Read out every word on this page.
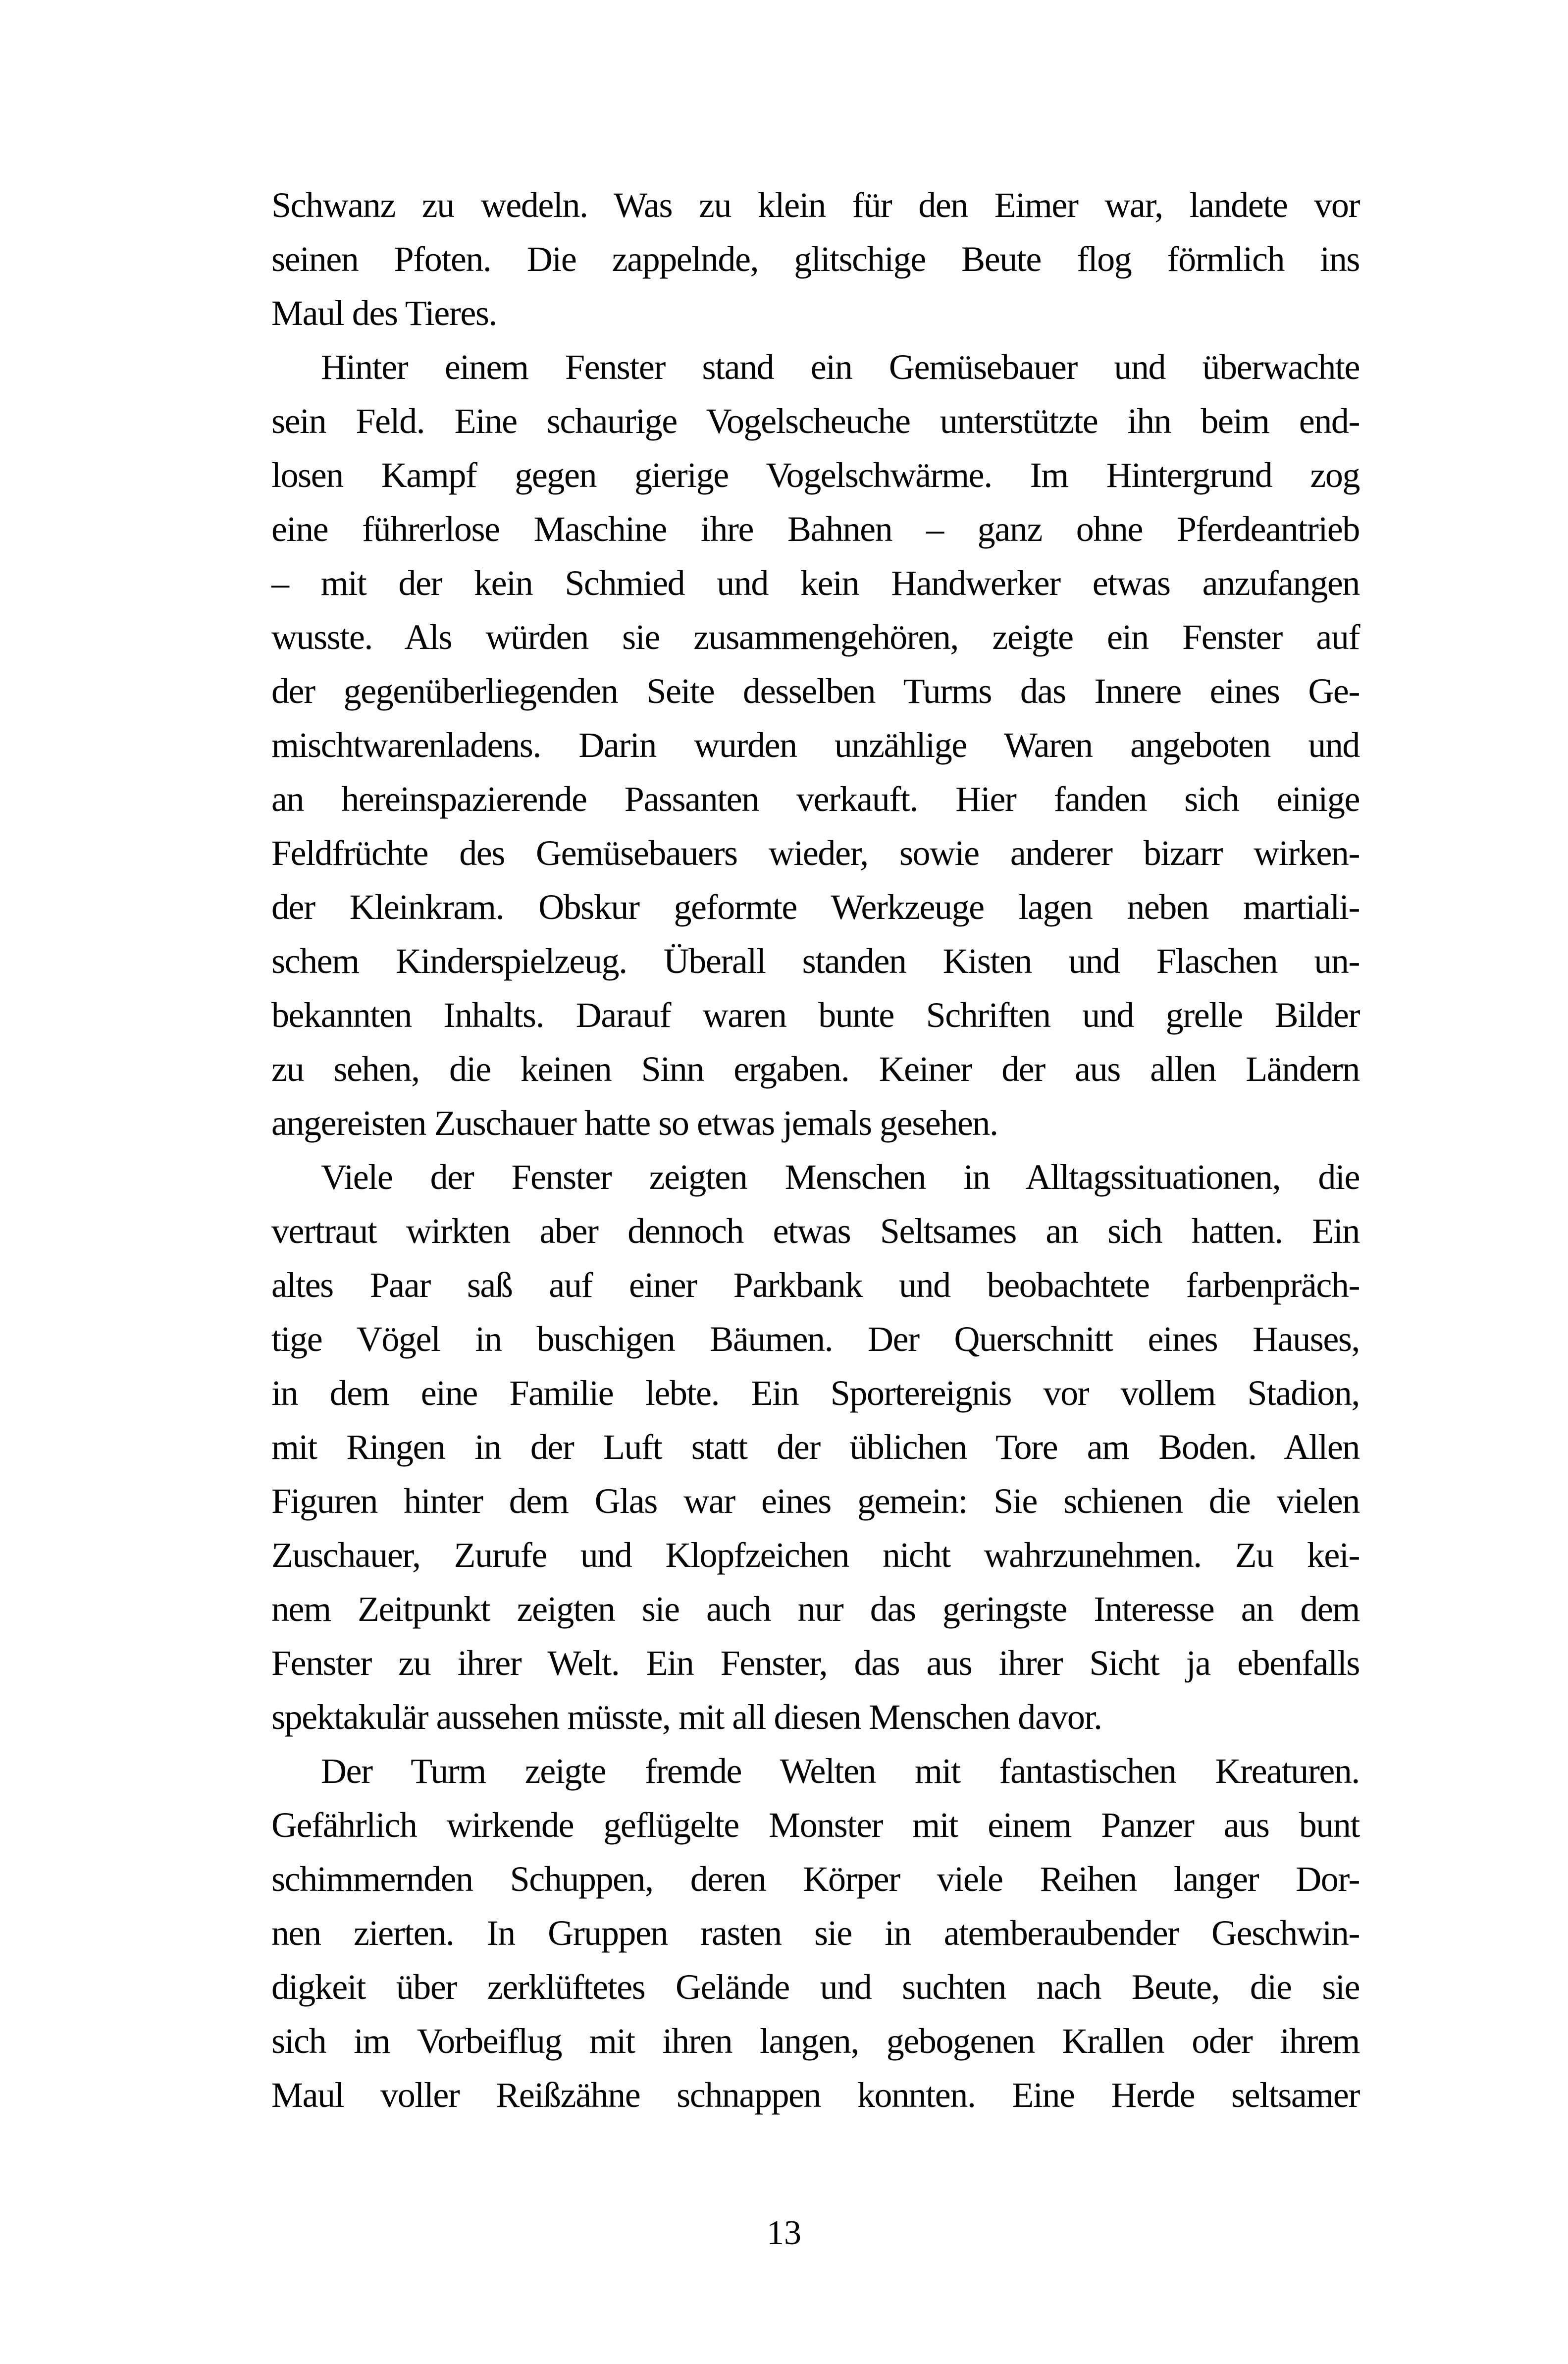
Schwanz zu wedeln. Was zu klein für den Eimer war, landete vor
seinen Pfoten. Die zappelnde, glitschige Beute flog förmlich ins
Maul des Tieres.
Hinter einem Fenster stand ein Gemüsebauer und überwachte
sein Feld. Eine schaurige Vogelscheuche unterstützte ihn beim end-
losen Kampf gegen gierige Vogelschwärme. Im Hintergrund zog
eine führerlose Maschine ihre Bahnen – ganz ohne Pferdeantrieb
– mit der kein Schmied und kein Handwerker etwas anzufangen
wusste. Als würden sie zusammengehören, zeigte ein Fenster auf
der gegenüberliegenden Seite desselben Turms das Innere eines Ge-
mischtwarenladens. Darin wurden unzählige Waren angeboten und
an hereinspazierende Passanten verkauft. Hier fanden sich einige
Feldfrüchte des Gemüsebauers wieder, sowie anderer bizarr wirken-
der Kleinkram. Obskur geformte Werkzeuge lagen neben martiali-
schem Kinderspielzeug. Überall standen Kisten und Flaschen un-
bekannten Inhalts. Darauf waren bunte Schriften und grelle Bilder
zu sehen, die keinen Sinn ergaben. Keiner der aus allen Ländern
angereisten Zuschauer hatte so etwas jemals gesehen.
Viele der Fenster zeigten Menschen in Alltagssituationen, die
vertraut wirkten aber dennoch etwas Seltsames an sich hatten. Ein
altes Paar saß auf einer Parkbank und beobachtete farbenpräch-
tige Vögel in buschigen Bäumen. Der Querschnitt eines Hauses,
in dem eine Familie lebte. Ein Sportereignis vor vollem Stadion,
mit Ringen in der Luft statt der üblichen Tore am Boden. Allen
Figuren hinter dem Glas war eines gemein: Sie schienen die vielen
Zuschauer, Zurufe und Klopfzeichen nicht wahrzunehmen. Zu kei-
nem Zeitpunkt zeigten sie auch nur das geringste Interesse an dem
Fenster zu ihrer Welt. Ein Fenster, das aus ihrer Sicht ja ebenfalls
spektakulär aussehen müsste, mit all diesen Menschen davor.
Der Turm zeigte fremde Welten mit fantastischen Kreaturen.
Gefährlich wirkende geflügelte Monster mit einem Panzer aus bunt
schimmernden Schuppen, deren Körper viele Reihen langer Dor-
nen zierten. In Gruppen rasten sie in atemberaubender Geschwin-
digkeit über zerklüftetes Gelände und suchten nach Beute, die sie
sich im Vorbeiflug mit ihren langen, gebogenen Krallen oder ihrem
Maul voller Reißzähne schnappen konnten. Eine Herde seltsamer
13
